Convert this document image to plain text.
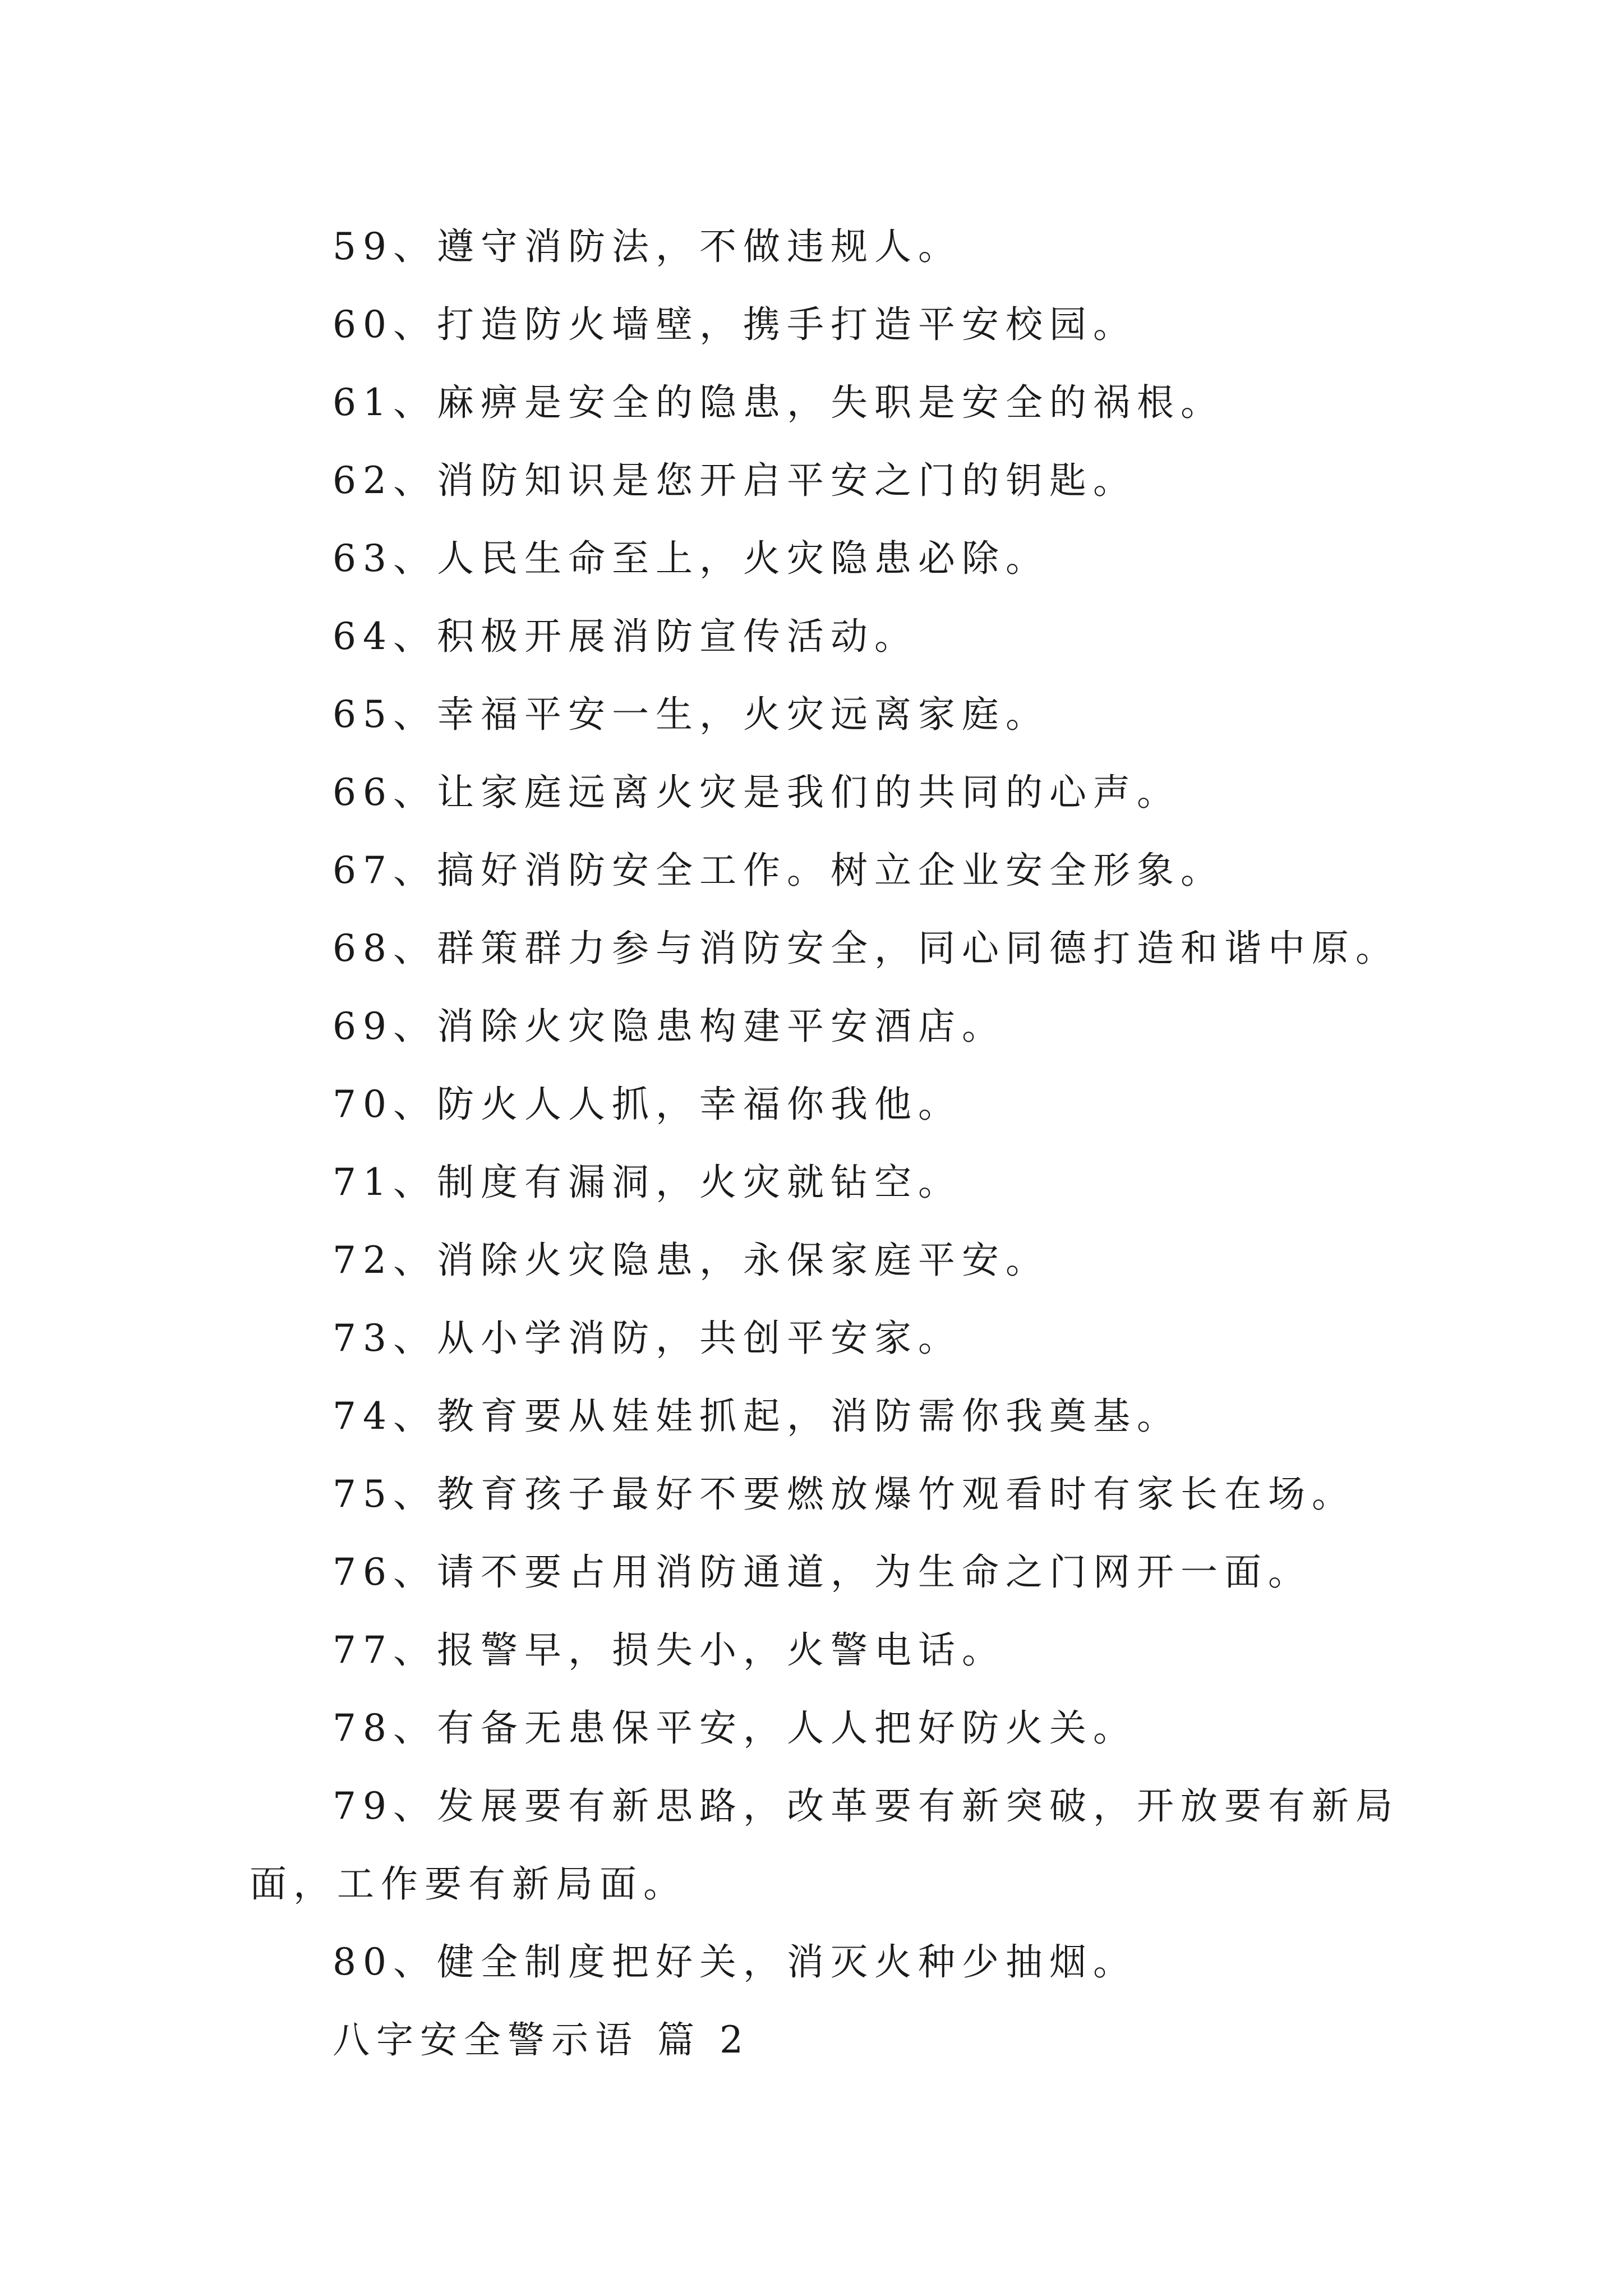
59、遵守消防法，不做违规人。

60、打造防火墙壁，携手打造平安校园。

61、麻痹是安全的隐患，失职是安全的祸根。

62、消防知识是您开启平安之门的钥匙。

63、人民生命至上，火灾隐患必除。

64、积极开展消防宣传活动。

65、幸福平安一生，火灾远离家庭。

66、让家庭远离火灾是我们的共同的心声。

67、搞好消防安全工作。树立企业安全形象。

68、群策群力参与消防安全，同心同德打造和谐中原。

69、消除火灾隐患构建平安酒店。

70、防火人人抓，幸福你我他。

71、制度有漏洞，火灾就钻空。

72、消除火灾隐患，永保家庭平安。

73、从小学消防，共创平安家。

74、教育要从娃娃抓起，消防需你我奠基。

75、教育孩子最好不要燃放爆竹观看时有家长在场。

76、请不要占用消防通道，为生命之门网开一面。

77、报警早，损失小，火警电话。

78、有备无患保平安，人人把好防火关。

79、发展要有新思路，改革要有新突破，开放要有新局面，工作要有新局面。

80、健全制度把好关，消灭火种少抽烟。

八字安全警示语 篇 2
